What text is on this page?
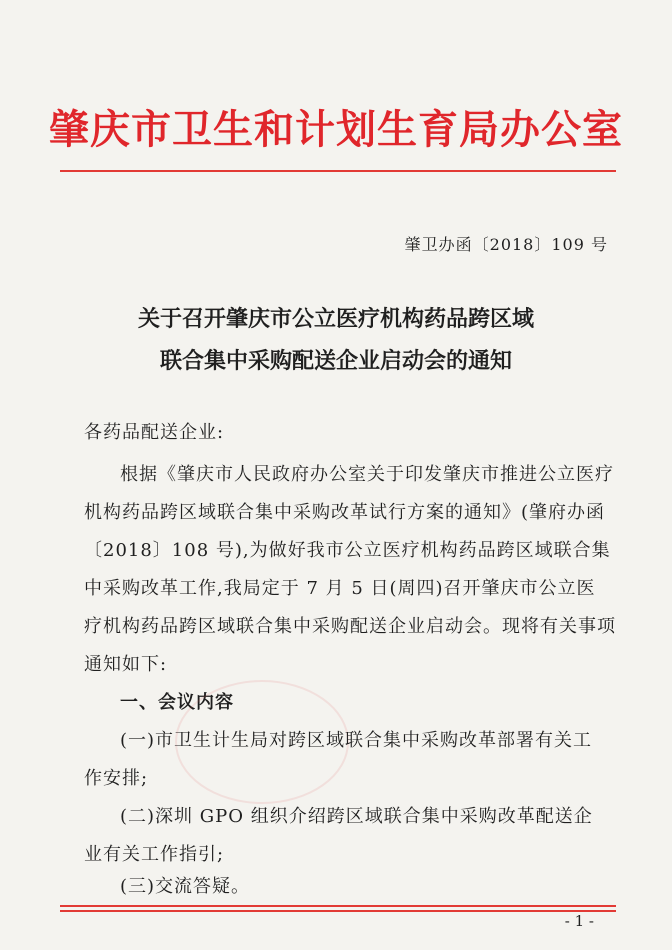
肇庆市卫生和计划生育局办公室
肇卫办函〔2018〕109 号
关于召开肇庆市公立医疗机构药品跨区域
联合集中采购配送企业启动会的通知
各药品配送企业:
根据《肇庆市人民政府办公室关于印发肇庆市推进公立医疗
机构药品跨区域联合集中采购改革试行方案的通知》(肇府办函
〔2018〕108 号),为做好我市公立医疗机构药品跨区域联合集
中采购改革工作,我局定于 7 月 5 日(周四)召开肇庆市公立医
疗机构药品跨区域联合集中采购配送企业启动会。现将有关事项
通知如下:
一、会议内容
(一)市卫生计生局对跨区域联合集中采购改革部署有关工
作安排;
(二)深圳 GPO 组织介绍跨区域联合集中采购改革配送企
业有关工作指引;
(三)交流答疑。
- 1 -
